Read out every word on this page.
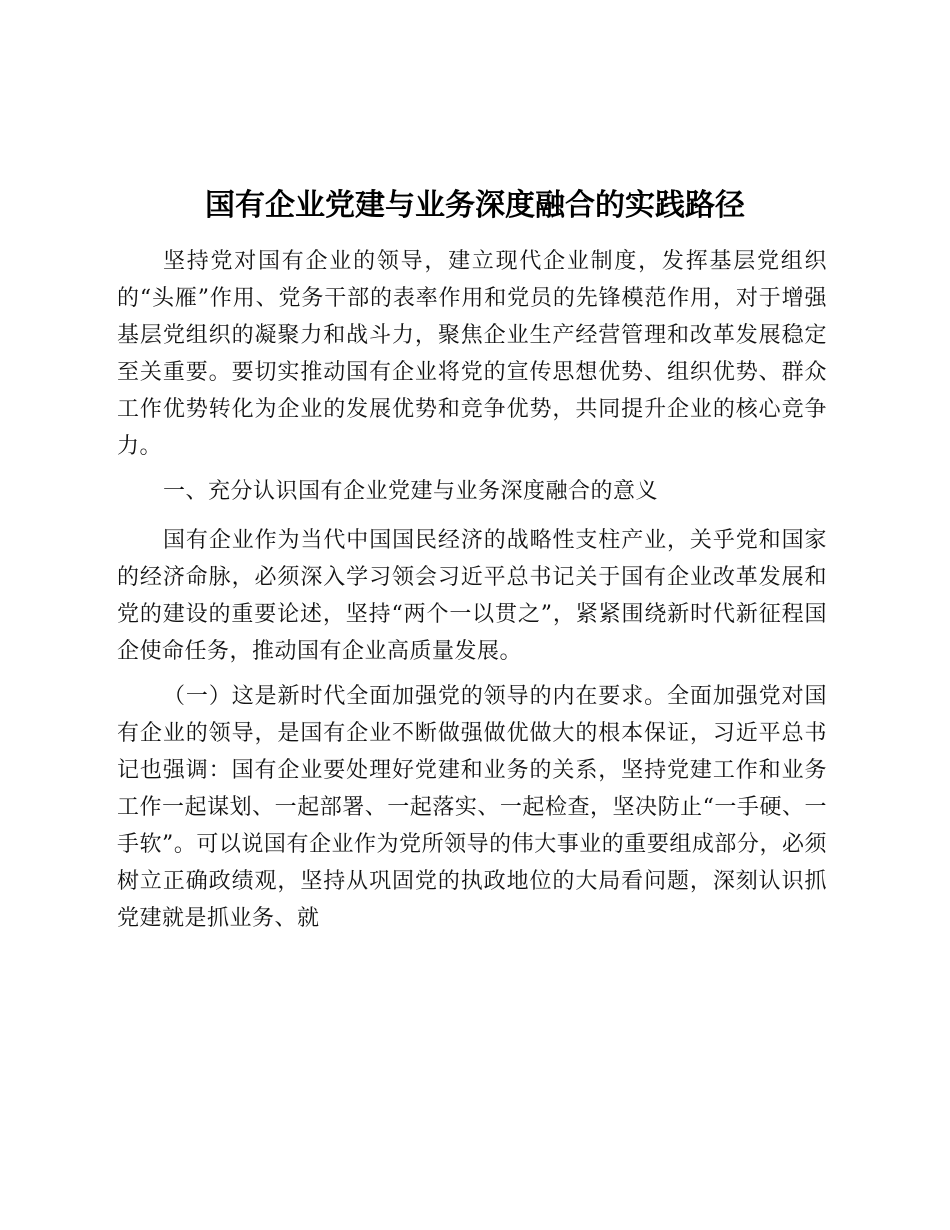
国有企业党建与业务深度融合的实践路径

坚持党对国有企业的领导，建立现代企业制度，发挥基层党组织的“头雁”作用、党务干部的表率作用和党员的先锋模范作用，对于增强基层党组织的凝聚力和战斗力，聚焦企业生产经营管理和改革发展稳定至关重要。要切实推动国有企业将党的宣传思想优势、组织优势、群众工作优势转化为企业的发展优势和竞争优势，共同提升企业的核心竞争力。

一、充分认识国有企业党建与业务深度融合的意义

国有企业作为当代中国国民经济的战略性支柱产业，关乎党和国家的经济命脉，必须深入学习领会习近平总书记关于国有企业改革发展和党的建设的重要论述，坚持“两个一以贯之”，紧紧围绕新时代新征程国企使命任务，推动国有企业高质量发展。

（一）这是新时代全面加强党的领导的内在要求。全面加强党对国有企业的领导，是国有企业不断做强做优做大的根本保证，习近平总书记也强调：国有企业要处理好党建和业务的关系，坚持党建工作和业务工作一起谋划、一起部署、一起落实、一起检查，坚决防止“一手硬、一手软”。可以说国有企业作为党所领导的伟大事业的重要组成部分，必须树立正确政绩观，坚持从巩固党的执政地位的大局看问题，深刻认识抓党建就是抓业务、就
